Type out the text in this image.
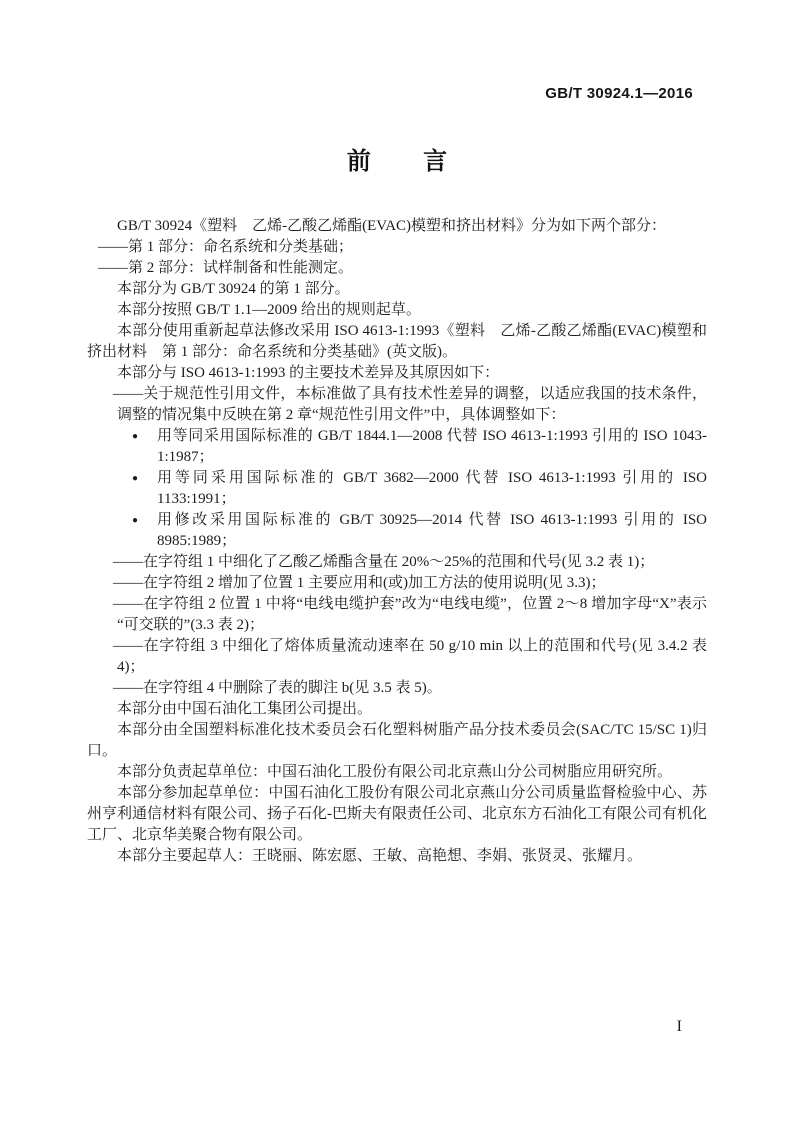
GB/T 30924.1—2016
前 言

GB/T 30924《塑料　乙烯-乙酸乙烯酯(EVAC)模塑和挤出材料》分为如下两个部分：

——第 1 部分：命名系统和分类基础；

——第 2 部分：试样制备和性能测定。

本部分为 GB/T 30924 的第 1 部分。

本部分按照 GB/T 1.1—2009 给出的规则起草。

本部分使用重新起草法修改采用 ISO 4613-1:1993《塑料　乙烯-乙酸乙烯酯(EVAC)模塑和挤出材料　第 1 部分：命名系统和分类基础》(英文版)。

本部分与 ISO 4613-1:1993 的主要技术差异及其原因如下：

——关于规范性引用文件，本标准做了具有技术性差异的调整，以适应我国的技术条件，调整的情况集中反映在第 2 章“规范性引用文件”中，具体调整如下：

● 用等同采用国际标准的 GB/T 1844.1—2008 代替 ISO 4613-1:1993 引用的 ISO 1043-1:1987；

● 用等同采用国际标准的 GB/T 3682—2000 代替 ISO 4613-1:1993 引用的 ISO 1133:1991；

● 用修改采用国际标准的 GB/T 30925—2014 代替 ISO 4613-1:1993 引用的 ISO 8985:1989；

——在字符组 1 中细化了乙酸乙烯酯含量在 20%～25%的范围和代号(见 3.2 表 1)；

——在字符组 2 增加了位置 1 主要应用和(或)加工方法的使用说明(见 3.3)；

——在字符组 2 位置 1 中将“电线电缆护套”改为“电线电缆”，位置 2～8 增加字母“X”表示“可交联的”(3.3 表 2)；

——在字符组 3 中细化了熔体质量流动速率在 50 g/10 min 以上的范围和代号(见 3.4.2 表 4)；

——在字符组 4 中删除了表的脚注 b(见 3.5 表 5)。

本部分由中国石油化工集团公司提出。

本部分由全国塑料标准化技术委员会石化塑料树脂产品分技术委员会(SAC/TC 15/SC 1)归口。

本部分负责起草单位：中国石油化工股份有限公司北京燕山分公司树脂应用研究所。

本部分参加起草单位：中国石油化工股份有限公司北京燕山分公司质量监督检验中心、苏州亨利通信材料有限公司、扬子石化-巴斯夫有限责任公司、北京东方石油化工有限公司有机化工厂、北京华美聚合物有限公司。

本部分主要起草人：王晓丽、陈宏愿、王敏、高艳想、李娟、张贤灵、张耀月。

I
